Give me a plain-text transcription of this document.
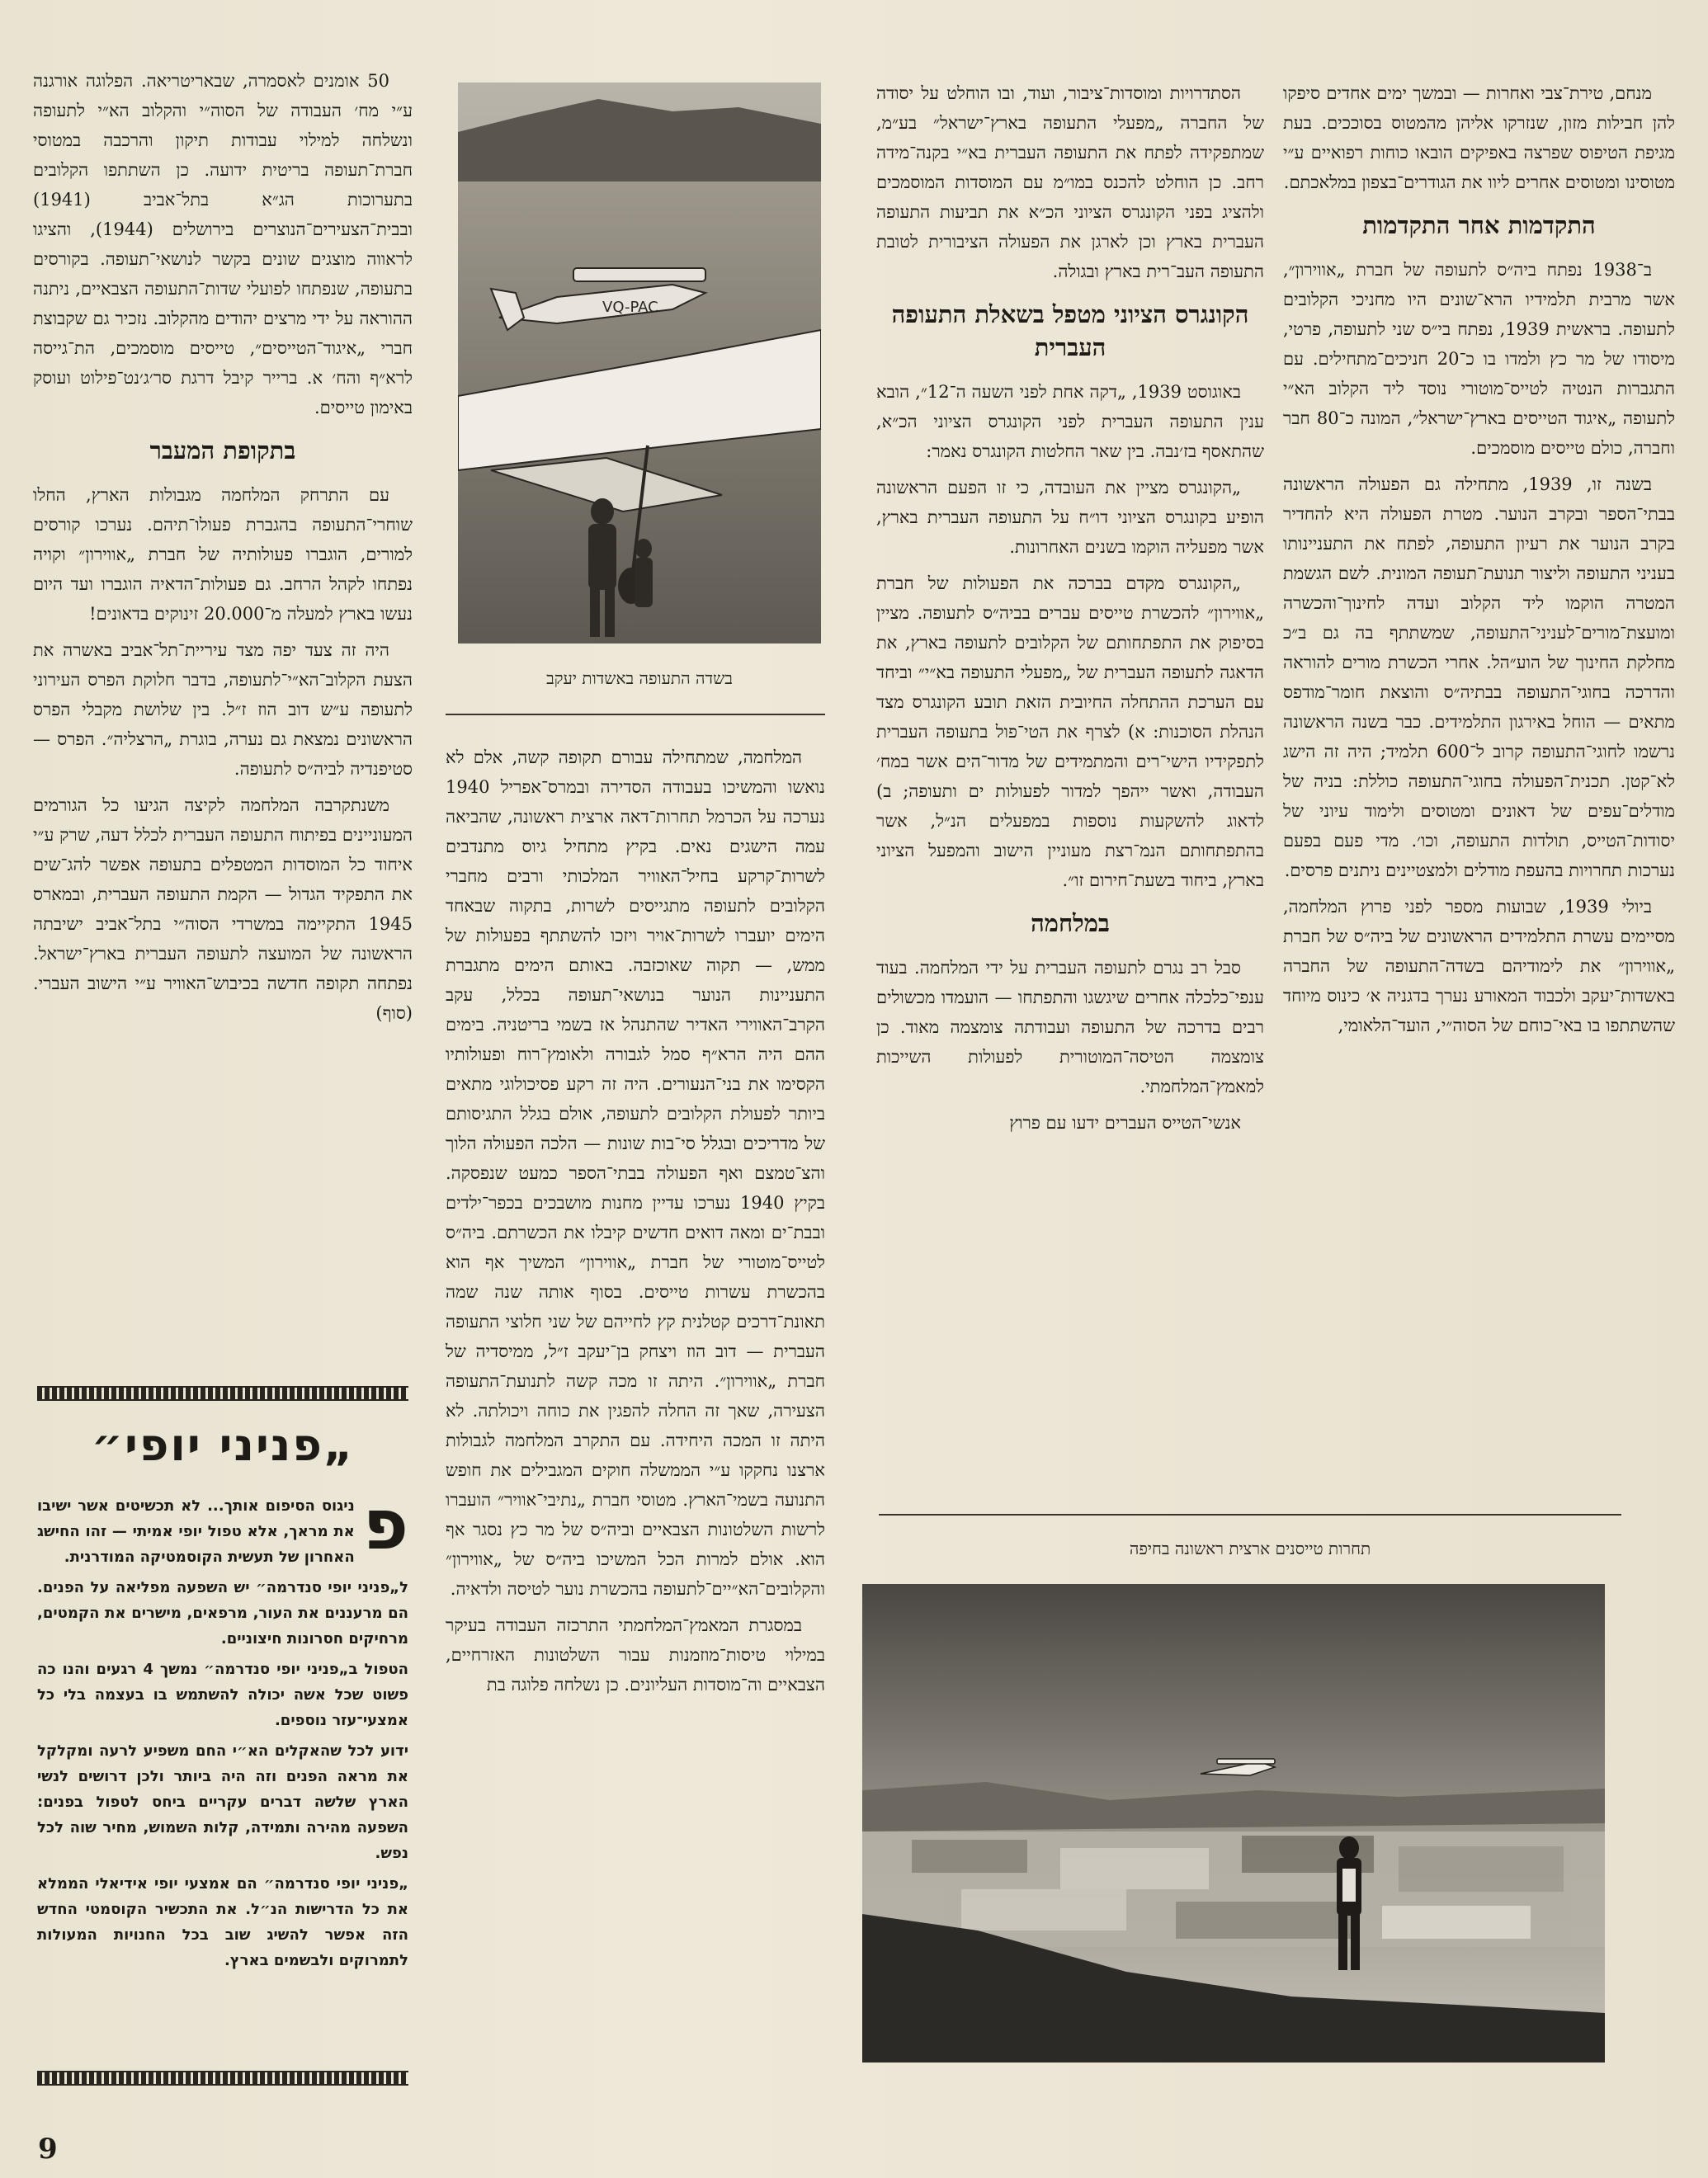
מנחם, טירת־צבי ואחרות — ובמשך ימים אחדים סיפקו להן חבילות מזון, שנזרקו אליהן מהמטוס בסוככים. בעת מגיפת הטיפוס שפרצה באפיקים הובאו כוחות רפואיים ע״י מטוסינו ומטוסים אחרים ליוו את הגודרים־בצפון במלאכתם.

התקדמות אחר התקדמות

ב־1938 נפתח ביה״ס לתעופה של חברת „אווירון״, אשר מרבית תלמידיו הרא־שונים היו מחניכי הקלובים לתעופה. בראשית 1939, נפתח בי״ס שני לתעופה, פרטי, מיסודו של מר כץ ולמדו בו כ־20 חניכים־מתחילים. עם התגברות הנטיה לטייס־מוטורי נוסד ליד הקלוב הא״י לתעופה „איגוד הטייסים בארץ־ישראל״, המונה כ־80 חבר וחברה, כולם טייסים מוסמכים.

בשנה זו, 1939, מתחילה גם הפעולה הראשונה בבתי־הספר ובקרב הנוער. מטרת הפעולה היא להחדיר בקרב הנוער את רעיון התעופה, לפתח את התעניינותו בעניני התעופה וליצור תנועת־תעופה המונית. לשם הגשמת המטרה הוקמו ליד הקלוב ועדה לחינוך־והכשרה ומועצת־מורים־לעניני־התעופה, שמשתתף בה גם ב״כ מחלקת החינוך של הוע״הל. אחרי הכשרת מורים להוראה והדרכה בחוגי־התעופה בבתיה״ס והוצאת חומר־מודפס מתאים — הוחל באירגון התלמידים. כבר בשנה הראשונה נרשמו לחוגי־התעופה קרוב ל־600 תלמיד; היה זה הישג לא־קטן. תכנית־הפעולה בחוגי־התעופה כוללת: בניה של מודלים־עפים של דאונים ומטוסים ולימוד עיוני של יסודות־הטייס, תולדות התעופה, וכו׳. מדי פעם בפעם נערכות תחרויות בהעפת מודלים ולמצטיינים ניתנים פרסים.

ביולי 1939, שבועות מספר לפני פרוץ המלחמה, מסיימים עשרת התלמידים הראשונים של ביה״ס של חברת „אווירון״ את לימודיהם בשדה־התעופה של החברה באשדות־יעקב ולכבוד המאורע נערך בדגניה א׳ כינוס מיוחד שהשתתפו בו באי־כוחם של הסוה״י, הועד־הלאומי,

הסתדרויות ומוסדות־ציבור, ועוד, ובו הוחלט על יסודה של החברה „מפעלי התעופה בארץ־ישראל״ בע״מ, שמתפקידה לפתח את התעופה העברית בא״י בקנה־מידה רחב. כן הוחלט להכנס במו״מ עם המוסדות המוסמכים ולהציג בפני הקונגרס הציוני הכ״א את תביעות התעופה העברית בארץ וכן לארגן את הפעולה הציבורית לטובת התעופה העב־רית בארץ ובגולה.

הקונגרס הציוני מטפל בשאלת התעופה העברית

באוגוסט 1939, „דקה אחת לפני השעה ה־12״, הובא ענין התעופה העברית לפני הקונגרס הציוני הכ״א, שהתאסף בז׳נבה. בין שאר החלטות הקונגרס נאמר:

„הקונגרס מציין את העובדה, כי זו הפעם הראשונה הופיע בקונגרס הציוני דו״ח על התעופה העברית בארץ, אשר מפעליה הוקמו בשנים האחרונות.

„הקונגרס מקדם בברכה את הפעולות של חברת „אווירון״ להכשרת טייסים עברים בביה״ס לתעופה. מציין בסיפוק את התפתחותם של הקלובים לתעופה בארץ, את הדאגה לתעופה העברית של „מפעלי התעופה בא״י״ וביחד עם הערכת ההתחלה החיובית הזאת תובע הקונגרס מצד הנהלת הסוכנות: א) לצרף את הטי־פול בתעופה העברית לתפקידיו הישי־רים והמתמידים של מדור־הים אשר במח׳ העבודה, ואשר ייהפך למדור לפעולות ים ותעופה; ב) לדאוג להשקעות נוספות במפעלים הנ״ל, אשר בהתפתחותם הנמ־רצת מעוניין הישוב והמפעל הציוני בארץ, ביחוד בשעת־חירום זו״.

במלחמה

סבל רב נגרם לתעופה העברית על ידי המלחמה. בעוד ענפי־כלכלה אחרים שיגשגו והתפתחו — הועמדו מכשולים רבים בדרכה של התעופה ועבודתה צומצמה מאוד. כן צומצמה הטיסה־המוטורית לפעולות השייכות למאמץ־המלחמתי.

אנשי־הטייס העברים ידעו עם פרוץ

VQ-PAC
בשדה התעופה באשדות יעקב

המלחמה, שמתחילה עבורם תקופה קשה, אלם לא נואשו והמשיכו בעבודה הסדירה ובמרס־אפריל 1940 נערכה על הכרמל תחרות־דאה ארצית ראשונה, שהביאה עמה הישגים נאים. בקיץ מתחיל גיוס מתנדבים לשרות־קרקע בחיל־האוויר המלכותי ורבים מחברי הקלובים לתעופה מתגייסים לשרות, בתקוה שבאחד הימים יועברו לשרות־אויר ויזכו להשתתף בפעולות של ממש, — תקוה שאוכזבה. באותם הימים מתגברת התעניינות הנוער בנושאי־תעופה בכלל, עקב הקרב־האווירי האדיר שהתנהל אז בשמי בריטניה. בימים ההם היה הרא״ף סמל לגבורה ולאומץ־רוח ופעולותיו הקסימו את בני־הנעורים. היה זה רקע פסיכולוגי מתאים ביותר לפעולת הקלובים לתעופה, אולם בגלל התגיסותם של מדריכים ובגלל סי־בות שונות — הלכה הפעולה הלוך והצ־טמצם ואף הפעולה בבתי־הספר כמעט שנפסקה. בקיץ 1940 נערכו עדיין מחנות מושבכים בכפר־ילדים ובבת־ים ומאה דואים חדשים קיבלו את הכשרתם. ביה״ס לטייס־מוטורי של חברת „אווירון״ המשיך אף הוא בהכשרת עשרות טייסים. בסוף אותה שנה שמה תאונת־דרכים קטלנית קץ לחייהם של שני חלוצי התעופה העברית — דוב הוז ויצחק בן־יעקב ז״ל, ממיסדיה של חברת „אווירון״. היתה זו מכה קשה לתנועת־התעופה הצעירה, שאך זה החלה להפגין את כוחה ויכולתה. לא היתה זו המכה היחידה. עם התקרב המלחמה לגבולות ארצנו נחקקו ע״י הממשלה חוקים המגבילים את חופש התנועה בשמי־הארץ. מטוסי חברת „נתיבי־אוויר״ הועברו לרשות השלטונות הצבאיים וביה״ס של מר כץ נסגר אף הוא. אולם למרות הכל המשיכו ביה״ס של „אווירון״ והקלובים־הא״יים־לתעופה בהכשרת נוער לטיסה ולדאיה.

במסגרת המאמץ־המלחמתי התרכזה העבודה בעיקר במילוי טיסות־מוזמנות עבור השלטונות האזרחיים, הצבאיים וה־מוסדות העליונים. כן נשלחה פלוגה בת

50 אומנים לאסמרה, שבאריטריאה. הפלוגה אורגנה ע״י מח׳ העבודה של הסוה״י והקלוב הא״י לתעופה ונשלחה למילוי עבודות תיקון והרכבה במטוסי חברת־תעופה בריטית ידועה. כן השתתפו הקלובים בתערוכות הג״א בתל־אביב (1941) ובבית־הצעירים־הנוצרים בירושלים (1944), והציגו לראווה מוצגים שונים בקשר לנושאי־תעופה. בקורסים בתעופה, שנפתחו לפועלי שדות־התעופה הצבאיים, ניתנה ההוראה על ידי מרצים יהודים מהקלוב. נזכיר גם שקבוצת חברי „איגוד־הטייסים״, טייסים מוסמכים, הת־גייסה לרא״ף והח׳ א. ברייר קיבל דרגת סר׳ג׳נט־פילוט ועוסק באימון טייסים.

בתקופת המעבר

עם התרחק המלחמה מגבולות הארץ, החלו שוחרי־התעופה בהגברת פעולו־תיהם. נערכו קורסים למורים, הוגברו פעולותיה של חברת „אווירון״ וקויה נפתחו לקהל הרחב. גם פעולות־הדאיה הוגברו ועד היום נעשו בארץ למעלה מ־20.000 זינוקים בדאונים!

היה זה צעד יפה מצד עיריית־תל־אביב באשרה את הצעת הקלוב־הא״י־לתעופה, בדבר חלוקת הפרס העירוני לתעופה ע״ש דוב הוז ז״ל. בין שלושת מקבלי הפרס הראשונים נמצאת גם נערה, בוגרת „הרצליה״. הפרס — סטיפנדיה לביה״ס לתעופה.

משנתקרבה המלחמה לקיצה הגיעו כל הגורמים המעוניינים בפיתוח התעופה העברית לכלל דעה, שרק ע״י איחוד כל המוסדות המטפלים בתעופה אפשר להג־שים את התפקיד הגדול — הקמת התעופה העברית, ובמארס 1945 התקיימה במשרדי הסוה״י בתל־אביב ישיבתה הראשונה של המועצה לתעופה העברית בארץ־ישראל. נפתחה תקופה חדשה בכיבוש־האוויר ע״י הישוב העברי. (סוף)

„פניני יופי״
פ

ניגוס הסיפום אותך... לא תכשיטים אשר ישיבו את מראך, אלא טפול יופי אמיתי — זהו החישג האחרון של תעשית הקוסמטיקה המודרנית.

ל„פניני יופי סנדרמה״ יש השפעה מפליאה על הפנים. הם מרעננים את העור, מרפאים, מישרים את הקמטים, מרחיקים חסרונות חיצוניים.

הטפול ב„פניני יופי סנדרמה״ נמשך 4 רגעים והנו כה פשוט שכל אשה יכולה להשתמש בו בעצמה בלי כל אמצעי־עזר נוספים.

ידוע לכל שהאקלים הא״י החם משפיע לרעה ומקלקל את מראה הפנים וזה היה ביותר ולכן דרושים לנשי הארץ שלשה דברים עקריים ביחס לטפול בפנים: השפעה מהירה ותמידה, קלות השמוש, מחיר שוה לכל נפש.

„פניני יופי סנדרמה״ הם אמצעי יופי אידיאלי הממלא את כל הדרישות הנ״ל. את התכשיר הקוסמטי החדש הזה אפשר להשיג שוב בכל החנויות המעולות לתמרוקים ולבשמים בארץ.

תחרות טייסנים ארצית ראשונה בחיפה
9
